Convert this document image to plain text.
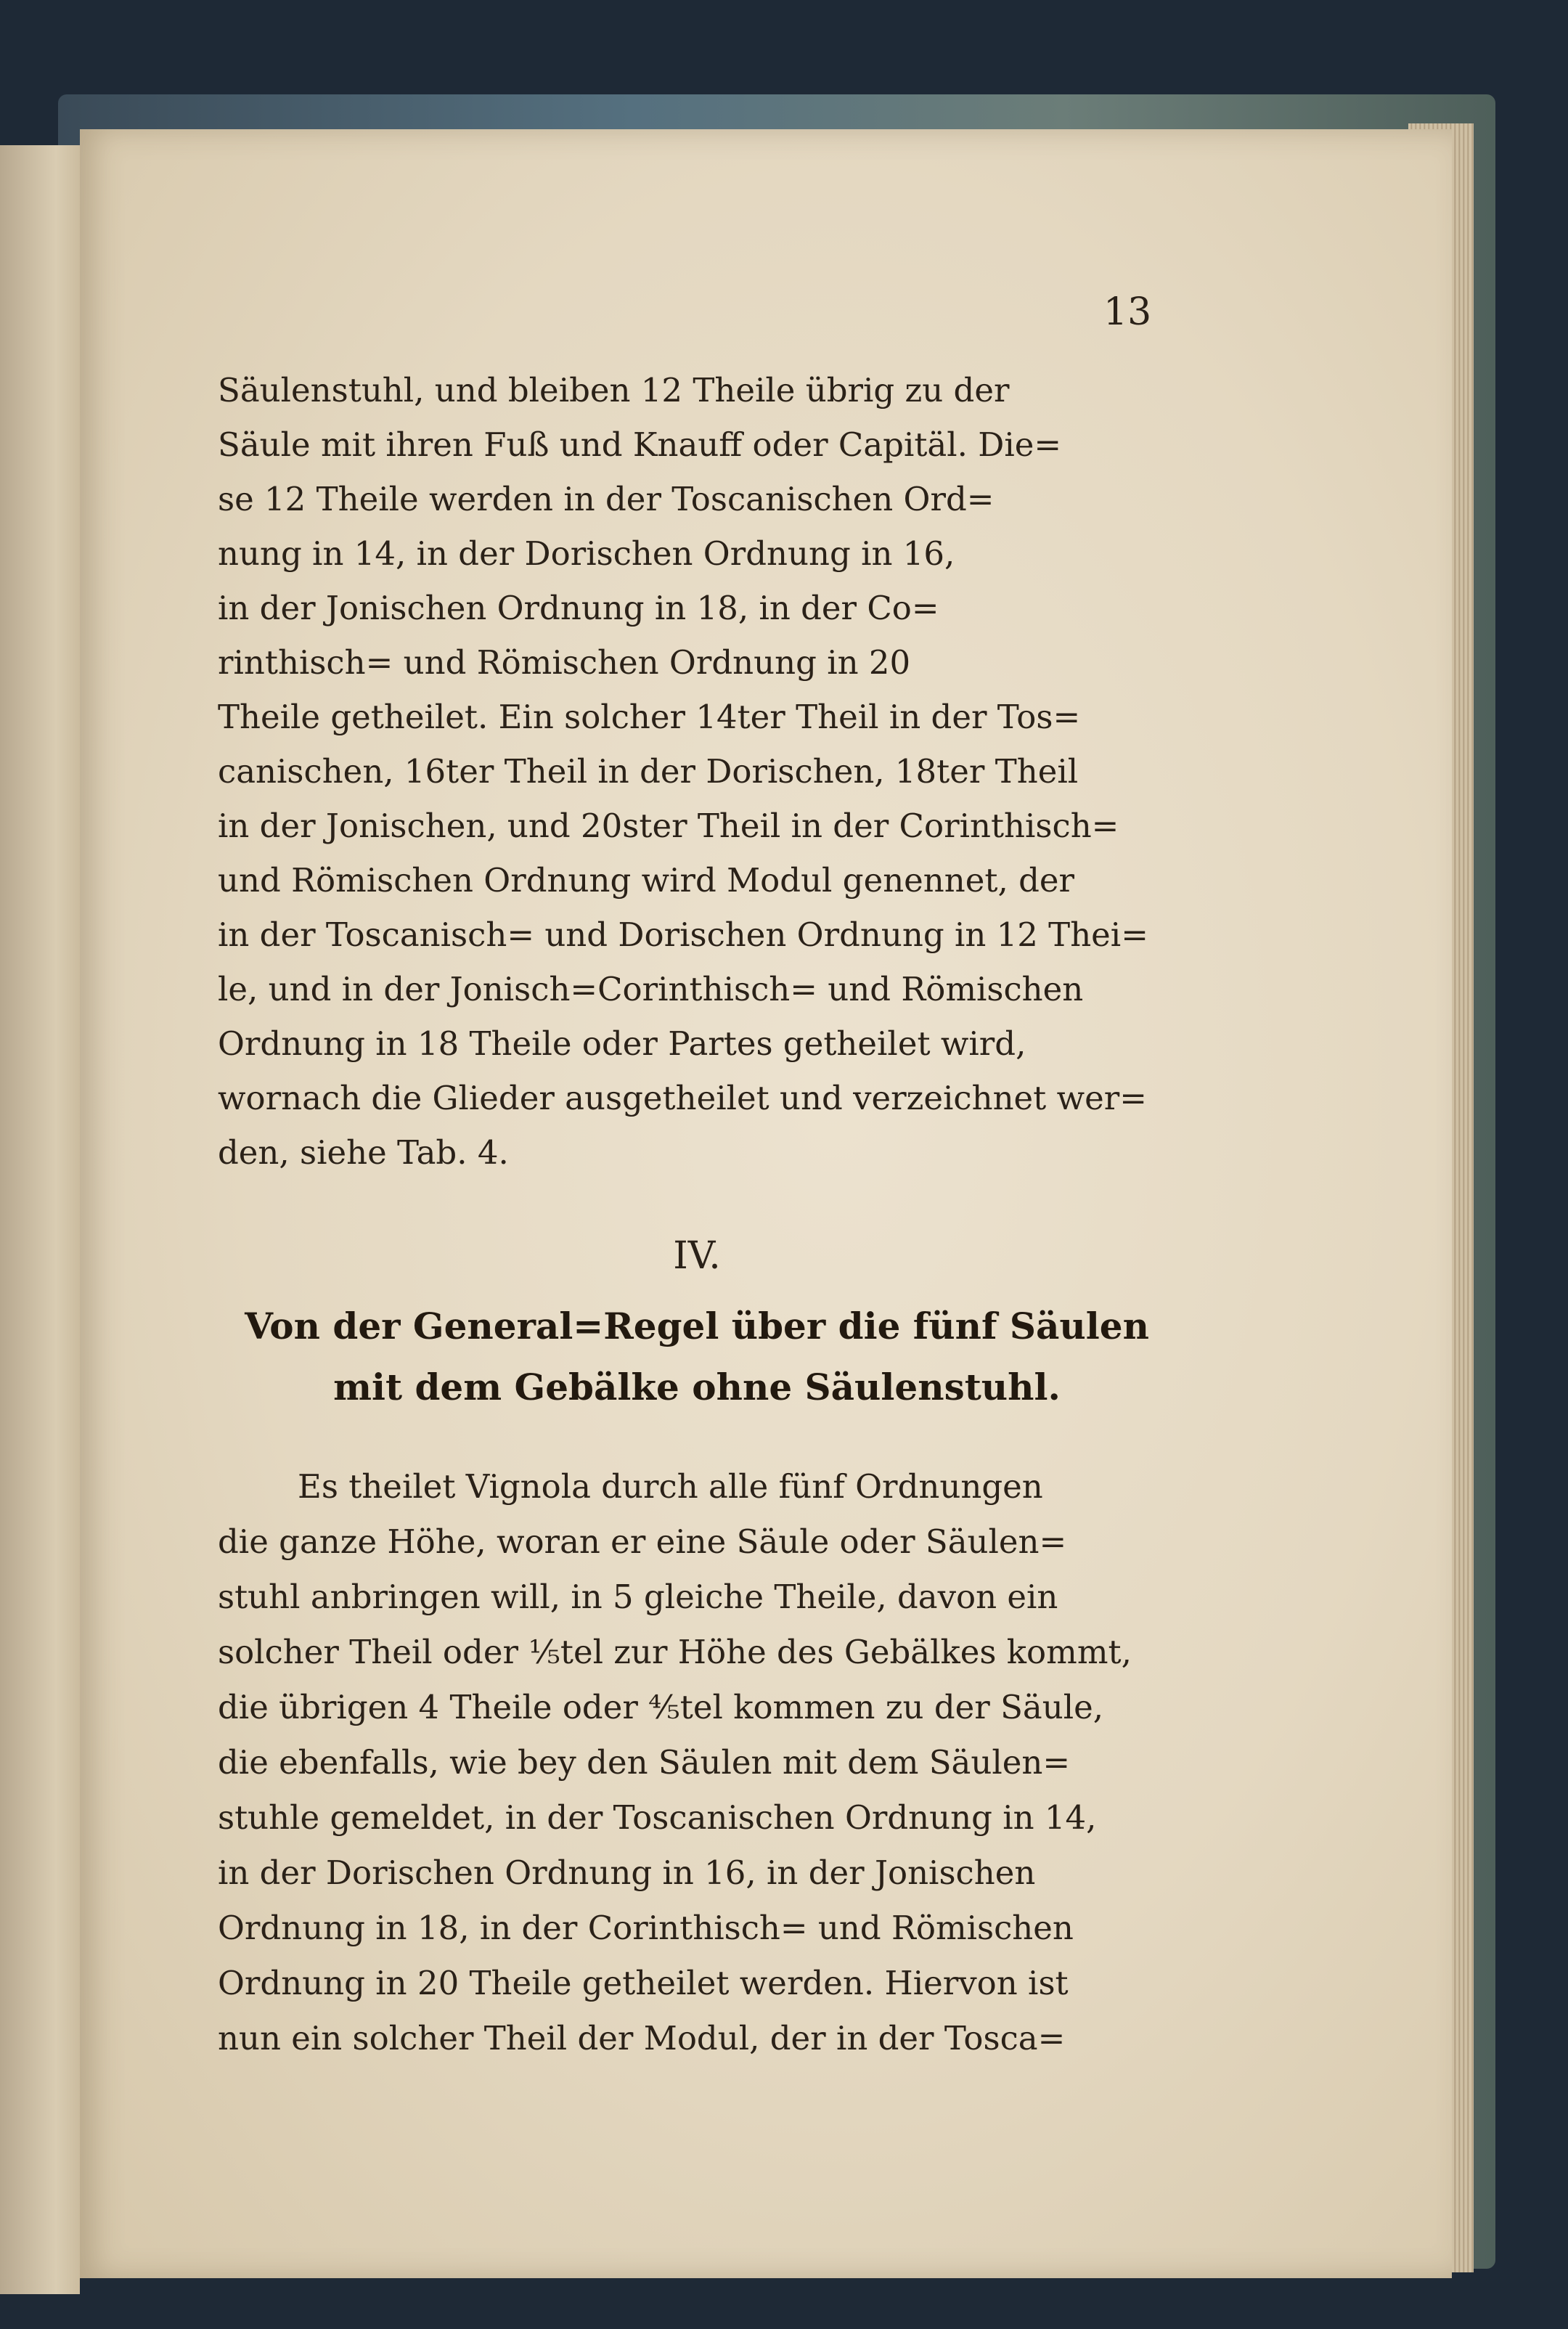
13
Säulenstuhl, und bleiben 12 Theile übrig zu der
Säule mit ihren Fuß und Knauff oder Capitäl. Die=
se 12 Theile werden in der Toscanischen Ord=
nung in 14, in der Dorischen Ordnung in 16,
in der Jonischen Ordnung in 18, in der Co=
rinthisch= und Römischen Ordnung in 20
Theile getheilet. Ein solcher 14ter Theil in der Tos=
canischen, 16ter Theil in der Dorischen, 18ter Theil
in der Jonischen, und 20ster Theil in der Corinthisch=
und Römischen Ordnung wird Modul genennet, der
in der Toscanisch= und Dorischen Ordnung in 12 Thei=
le, und in der Jonisch=Corinthisch= und Römischen
Ordnung in 18 Theile oder Partes getheilet wird,
wornach die Glieder ausgetheilet und verzeichnet wer=
den, siehe Tab. 4.
IV.
Von der General=Regel über die fünf Säulen
mit dem Gebälke ohne Säulenstuhl.
Es theilet Vignola durch alle fünf Ordnungen
die ganze Höhe, woran er eine Säule oder Säulen=
stuhl anbringen will, in 5 gleiche Theile, davon ein
solcher Theil oder ⅕tel zur Höhe des Gebälkes kommt,
die übrigen 4 Theile oder ⅘tel kommen zu der Säule,
die ebenfalls, wie bey den Säulen mit dem Säulen=
stuhle gemeldet, in der Toscanischen Ordnung in 14,
in der Dorischen Ordnung in 16, in der Jonischen
Ordnung in 18, in der Corinthisch= und Römischen
Ordnung in 20 Theile getheilet werden. Hiervon ist
nun ein solcher Theil der Modul, der in der Tosca=
